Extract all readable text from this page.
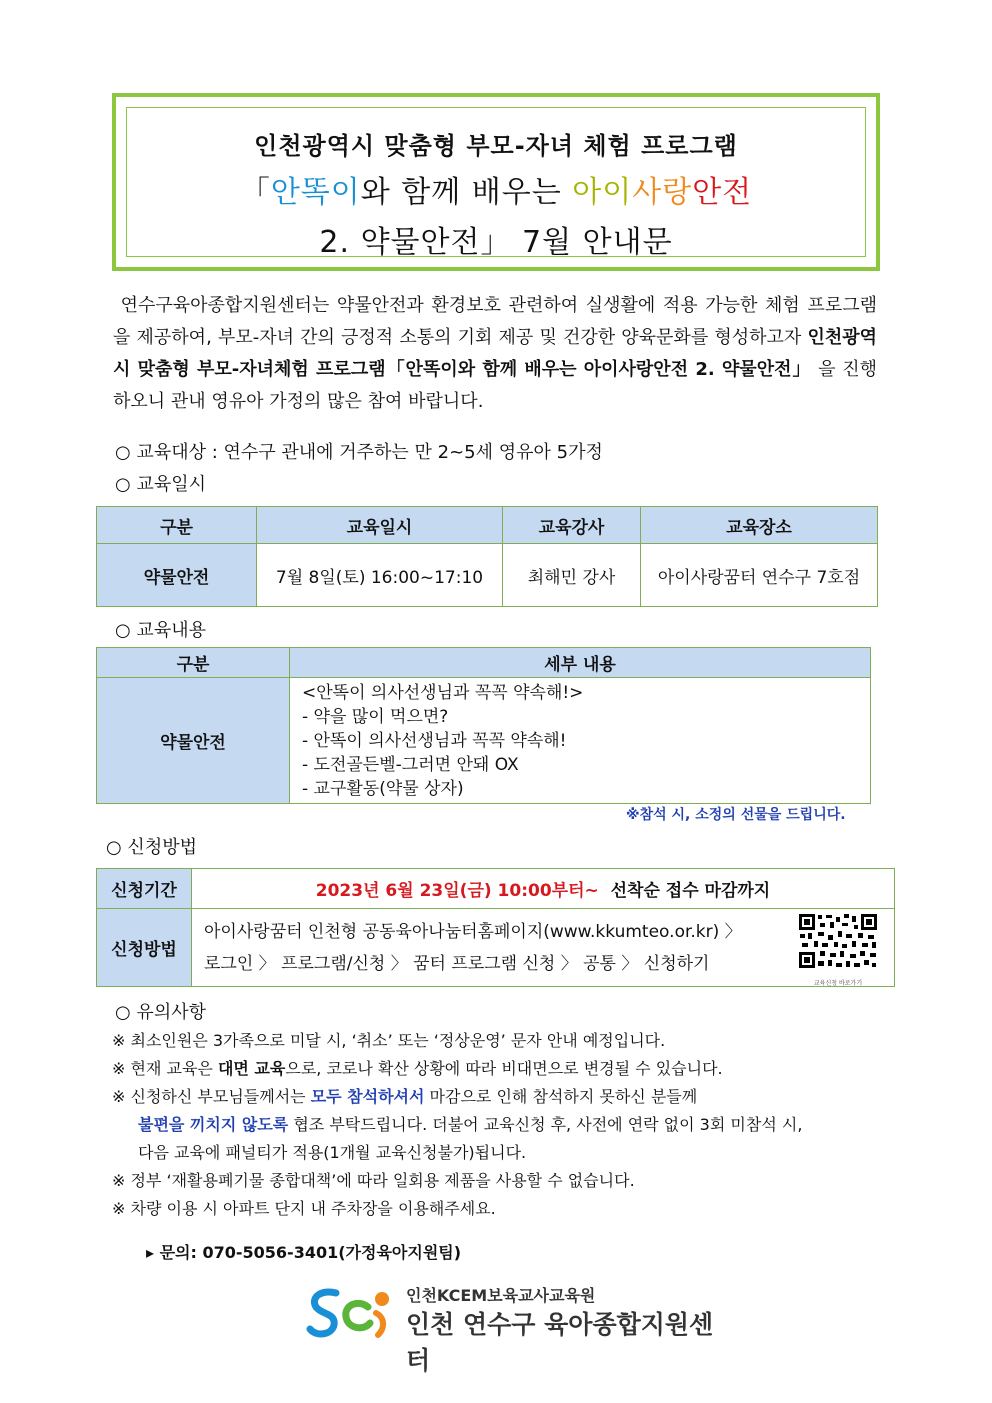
인천광역시 맞춤형 부모-자녀 체험 프로그램
「안똑이와 함께 배우는 아이사랑안전
2. 약물안전」 7월 안내문
연수구육아종합지원센터는 약물안전과 환경보호 관련하여 실생활에 적용 가능한 체험 프로그램을 제공하여, 부모-자녀 간의 긍정적 소통의 기회 제공 및 건강한 양육문화를 형성하고자 인천광역시 맞춤형 부모-자녀체험 프로그램「안똑이와 함께 배우는 아이사랑안전 2. 약물안전」 을 진행하오니 관내 영유아 가정의 많은 참여 바랍니다.
○ 교육대상 : 연수구 관내에 거주하는 만 2~5세 영유아 5가정
○ 교육일시
구분	교육일시	교육강사	교육장소
약물안전	7월 8일(토) 16:00~17:10	최해민 강사	아이사랑꿈터 연수구 7호점
○ 교육내용
구분	세부 내용
약물안전	<안똑이 의사선생님과 꼭꼭 약속해!>
- 약을 많이 먹으면?
- 안똑이 의사선생님과 꼭꼭 약속해!
- 도전골든벨-그러면 안돼 OX
- 교구활동(약물 상자)
※참석 시, 소정의 선물을 드립니다.
○ 신청방법
신청기간	2023년 6월 23일(금) 10:00부터~ 선착순 접수 마감까지
신청방법	아이사랑꿈터 인천형 공동육아나눔터홈페이지(www.kkumteo.or.kr) 〉
로그인 〉 프로그램/신청 〉 꿈터 프로그램 신청 〉 공통 〉 신청하기
교육신청 바로가기
○ 유의사항
※ 최소인원은 3가족으로 미달 시, ‘취소’ 또는 ‘정상운영’ 문자 안내 예정입니다.
※ 현재 교육은 대면 교육으로, 코로나 확산 상황에 따라 비대면으로 변경될 수 있습니다.
※ 신청하신 부모님들께서는 모두 참석하셔서 마감으로 인해 참석하지 못하신 분들께
불편을 끼치지 않도록 협조 부탁드립니다. 더불어 교육신청 후, 사전에 연락 없이 3회 미참석 시,
다음 교육에 패널티가 적용(1개월 교육신청불가)됩니다.
※ 정부 ‘재활용폐기물 종합대책’에 따라 일회용 제품을 사용할 수 없습니다.
※ 차량 이용 시 아파트 단지 내 주차장을 이용해주세요.
▸ 문의: 070-5056-3401(가정육아지원팀)
인천KCEM보육교사교육원
인천 연수구 육아종합지원센터
